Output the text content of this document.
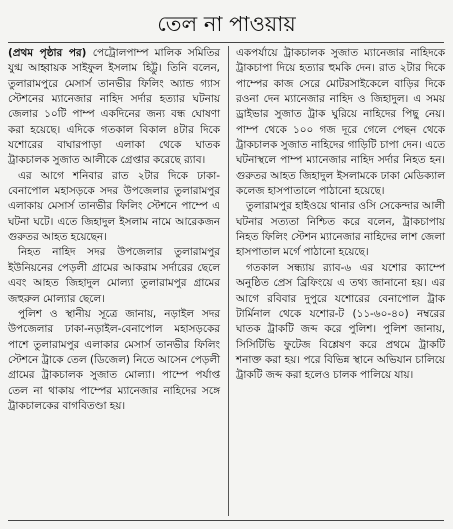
তেল না পাওয়ায়

(প্রথম পৃষ্ঠার পর) পেট্রোলপাম্প মালিক সমিতির যুগ্ম আহ্বায়ক সাইফুল ইসলাম হিট্টু। তিনি বলেন, তুলারামপুরে মেসার্স তানভীর ফিলিং অ্যান্ড গ্যাস স্টেশনের ম্যানেজার নাহিদ সর্দার হত্যার ঘটনায় জেলার ১০টি পাম্প একদিনের জন্য বন্ধ ঘোষণা করা হয়েছে। এদিকে গতকাল বিকাল ৪টার দিকে যশোরের বাঘারপাড়া এলাকা থেকে ঘাতক ট্রাকচালক সুজাত আলীকে গ্রেপ্তার করেছে র‌্যাব।

এর আগে শনিবার রাত ২টার দিকে ঢাকা-বেনাপোল মহাসড়কে সদর উপজেলার তুলারামপুর এলাকায় মেসার্স তানভীর ফিলিং স্টেশনে পাম্পে এ ঘটনা ঘটে। এতে জিহাদুল ইসলাম নামে আরেকজন গুরুতর আহত হয়েছেন।

নিহত নাহিদ সদর উপজেলার তুলারামপুর ইউনিয়নের পেড়লী গ্রামের আকরাম সর্দারের ছেলে এবং আহত জিহাদুল মোল্যা তুলারামপুর গ্রামের জহুরুল মোল্যার ছেলে।

পুলিশ ও স্থানীয় সূত্রে জানায়, নড়াইল সদর উপজেলার ঢাকা-নড়াইল-বেনাপোল মহাসড়কের পাশে তুলারামপুর এলাকার মেসার্স তানভীর ফিলিং স্টেশনে ট্রাকে তেল (ডিজেল) নিতে আসেন পেড়লী গ্রামের ট্রাকচালক সুজাত মোল্যা। পাম্পে পর্যাপ্ত তেল না থাকায় পাম্পের ম্যানেজার নাহিদের সঙ্গে ট্রাকচালকের বাগবিতণ্ডা হয়।

একপর্যায়ে ট্রাকচালক সুজাত ম্যানেজার নাহিদকে ট্রাকচাপা দিয়ে হত্যার হুমকি দেন। রাত ২টার দিকে পাম্পের কাজ সেরে মোটরসাইকেলে বাড়ির দিকে রওনা দেন ম্যানেজার নাহিদ ও জিহাদুল। এ সময় ড্রাইভার সুজাত ট্রাক ঘুরিয়ে নাহিদের পিছু নেয়। পাম্প থেকে ১০০ গজ দূরে গেলে পেছন থেকে ট্রাকচালক সুজাত নাহিদের গাড়িটি চাপা দেন। এতে ঘটনাস্থলে পাম্প ম্যানেজার নাহিদ সর্দার নিহত হন। গুরুতর আহত জিহাদুল ইসলামকে ঢাকা মেডিক্যাল কলেজ হাসপাতালে পাঠানো হয়েছে।

তুলারামপুর হাইওয়ে থানার ওসি সেকেন্দার আলী ঘটনার সত্যতা নিশ্চিত করে বলেন, ট্রাকচাপায় নিহত ফিলিং স্টেশন ম্যানেজার নাহিদের লাশ জেলা হাসপাতাল মর্গে পাঠানো হয়েছে।

গতকাল সন্ধ্যায় র‌্যাব-৬ এর যশোর ক্যাম্পে অনুষ্ঠিত প্রেস ব্রিফিংয়ে এ তথ্য জানানো হয়। এর আগে রবিবার দুপুরে যশোরের বেনাপোল ট্রাক টার্মিনাল থেকে যশোর-ট (১১-৬০-৪০) নম্বরের ঘাতক ট্রাকটি জব্দ করে পুলিশ। পুলিশ জানায়, সিসিটিভি ফুটেজ বিশ্লেষণ করে প্রথমে ট্রাকটি শনাক্ত করা হয়। পরে বিভিন্ন স্থানে অভিযান চালিয়ে ট্রাকটি জব্দ করা হলেও চালক পালিয়ে যায়।
